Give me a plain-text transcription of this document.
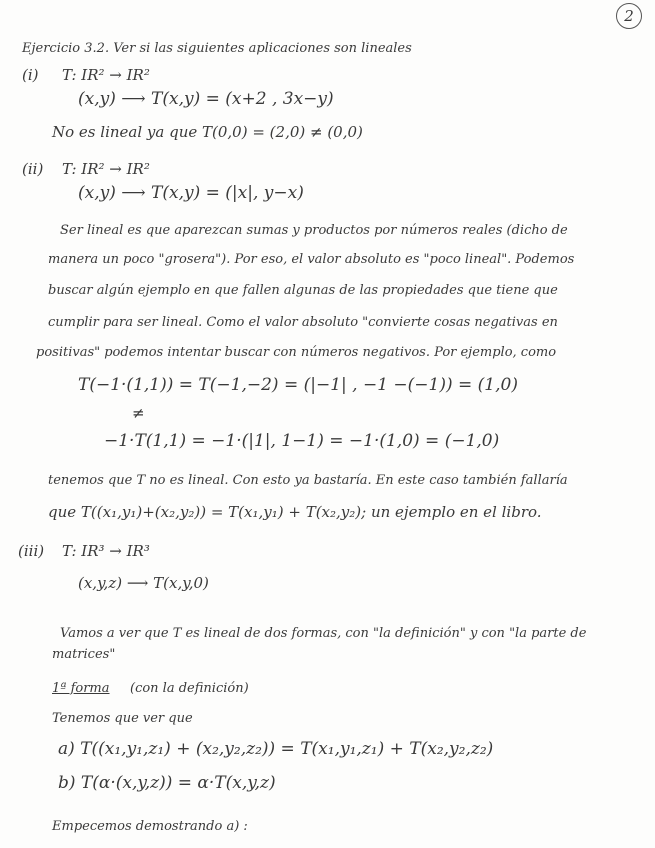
2
Ejercicio 3.2. Ver si las siguientes aplicaciones son lineales
(i) T: IR² → IR²
(x,y) ⟶ T(x,y) = (x+2 , 3x−y)
No es lineal ya que T(0,0) = (2,0) ≠ (0,0)
(ii) T: IR² → IR²
(x,y) ⟶ T(x,y) = (|x|, y−x)
Ser lineal es que aparezcan sumas y productos por números reales (dicho de
manera un poco "grosera"). Por eso, el valor absoluto es "poco lineal". Podemos
buscar algún ejemplo en que fallen algunas de las propiedades que tiene que
cumplir para ser lineal. Como el valor absoluto "convierte cosas negativas en
positivas" podemos intentar buscar con números negativos. Por ejemplo, como
T(−1·(1,1)) = T(−1,−2) = (|−1| , −1 −(−1)) = (1,0)
≠
−1·T(1,1) = −1·(|1|, 1−1) = −1·(1,0) = (−1,0)
tenemos que T no es lineal. Con esto ya bastaría. En este caso también fallaría
que T((x₁,y₁)+(x₂,y₂)) = T(x₁,y₁) + T(x₂,y₂); un ejemplo en el libro.
(iii) T: IR³ → IR³
(x,y,z) ⟶ T(x,y,0)
Vamos a ver que T es lineal de dos formas, con "la definición" y con "la parte de
matrices"
1ª forma (con la definición)
Tenemos que ver que
a) T((x₁,y₁,z₁) + (x₂,y₂,z₂)) = T(x₁,y₁,z₁) + T(x₂,y₂,z₂)
b) T(α·(x,y,z)) = α·T(x,y,z)
Empecemos demostrando a) :
